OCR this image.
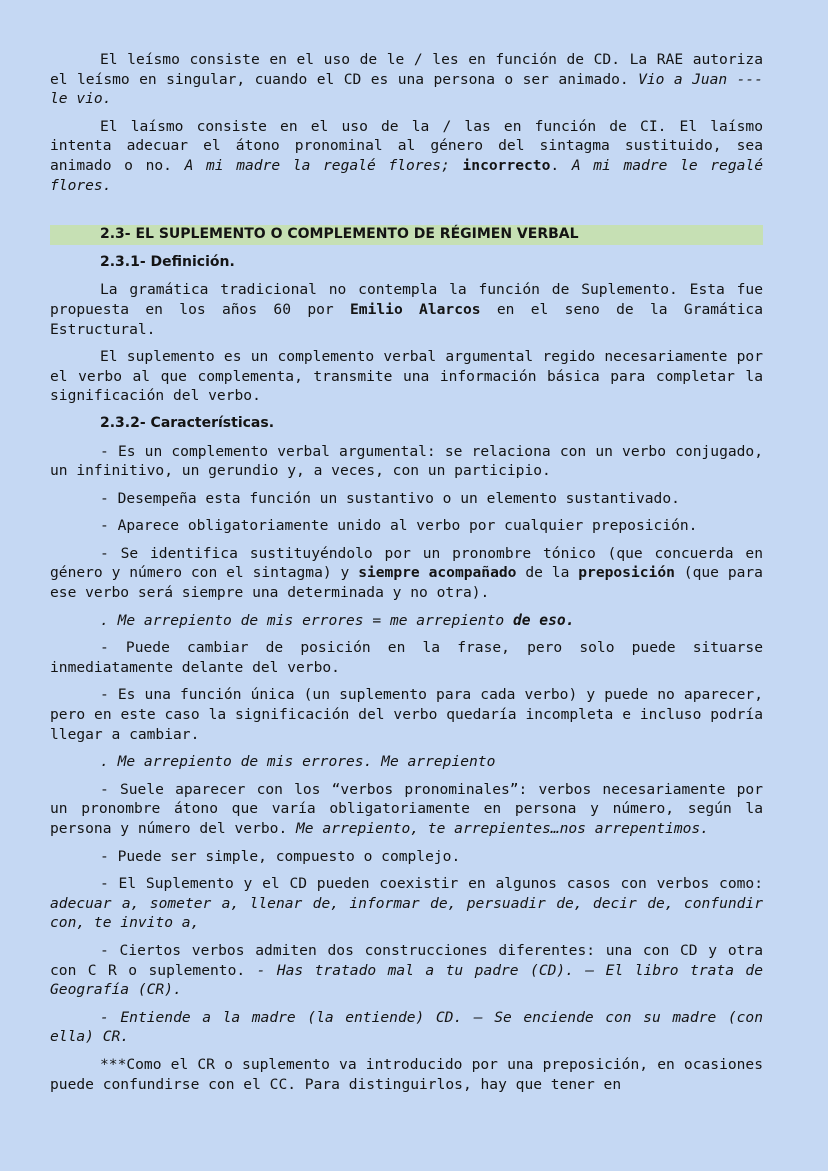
El leísmo consiste en el uso de le / les en función de CD. La RAE autoriza el leísmo en singular, cuando el CD es una persona o ser animado. Vio a Juan --- le vio.

El laísmo consiste en el uso de la / las en función de CI. El laísmo intenta adecuar el átono pronominal al género del sintagma sustituido, sea animado o no. A mi madre la regalé flores; incorrecto. A mi madre le regalé flores.

2.3- EL SUPLEMENTO O COMPLEMENTO DE RÉGIMEN VERBAL
2.3.1- Definición.

La gramática tradicional no contempla la función de Suplemento. Esta fue propuesta en los años 60 por Emilio Alarcos en el seno de la Gramática Estructural.

El suplemento es un complemento verbal argumental regido necesariamente por el verbo al que complementa, transmite una información básica para completar la significación del verbo.

2.3.2- Características.

- Es un complemento verbal argumental: se relaciona con un verbo conjugado, un infinitivo, un gerundio y, a veces, con un participio.

- Desempeña esta función un sustantivo o un elemento sustantivado.

- Aparece obligatoriamente unido al verbo por cualquier preposición.

- Se identifica sustituyéndolo por un pronombre tónico (que concuerda en género y número con el sintagma) y siempre acompañado de la preposición (que para ese verbo será siempre una determinada y no otra).

. Me arrepiento de mis errores = me arrepiento de eso.

- Puede cambiar de posición en la frase, pero solo puede situarse inmediatamente delante del verbo.

- Es una función única (un suplemento para cada verbo) y puede no aparecer, pero en este caso la significación del verbo quedaría incompleta e incluso podría llegar a cambiar.

. Me arrepiento de mis errores. Me arrepiento

- Suele aparecer con los “verbos pronominales”: verbos necesariamente por un pronombre átono que varía obligatoriamente en persona y número, según la persona y número del verbo. Me arrepiento, te arrepientes…nos arrepentimos.

- Puede ser simple, compuesto o complejo.

- El Suplemento y el CD pueden coexistir en algunos casos con verbos como: adecuar a, someter a, llenar de, informar de, persuadir de, decir de, confundir con, te invito a,

- Ciertos verbos admiten dos construcciones diferentes: una con CD y otra con C R o suplemento. - Has tratado mal a tu padre (CD). – El libro trata de Geografía (CR).

- Entiende a la madre (la entiende) CD. – Se enciende con su madre (con ella) CR.

***Como el CR o suplemento va introducido por una preposición, en ocasiones puede confundirse con el CC. Para distinguirlos, hay que tener en
